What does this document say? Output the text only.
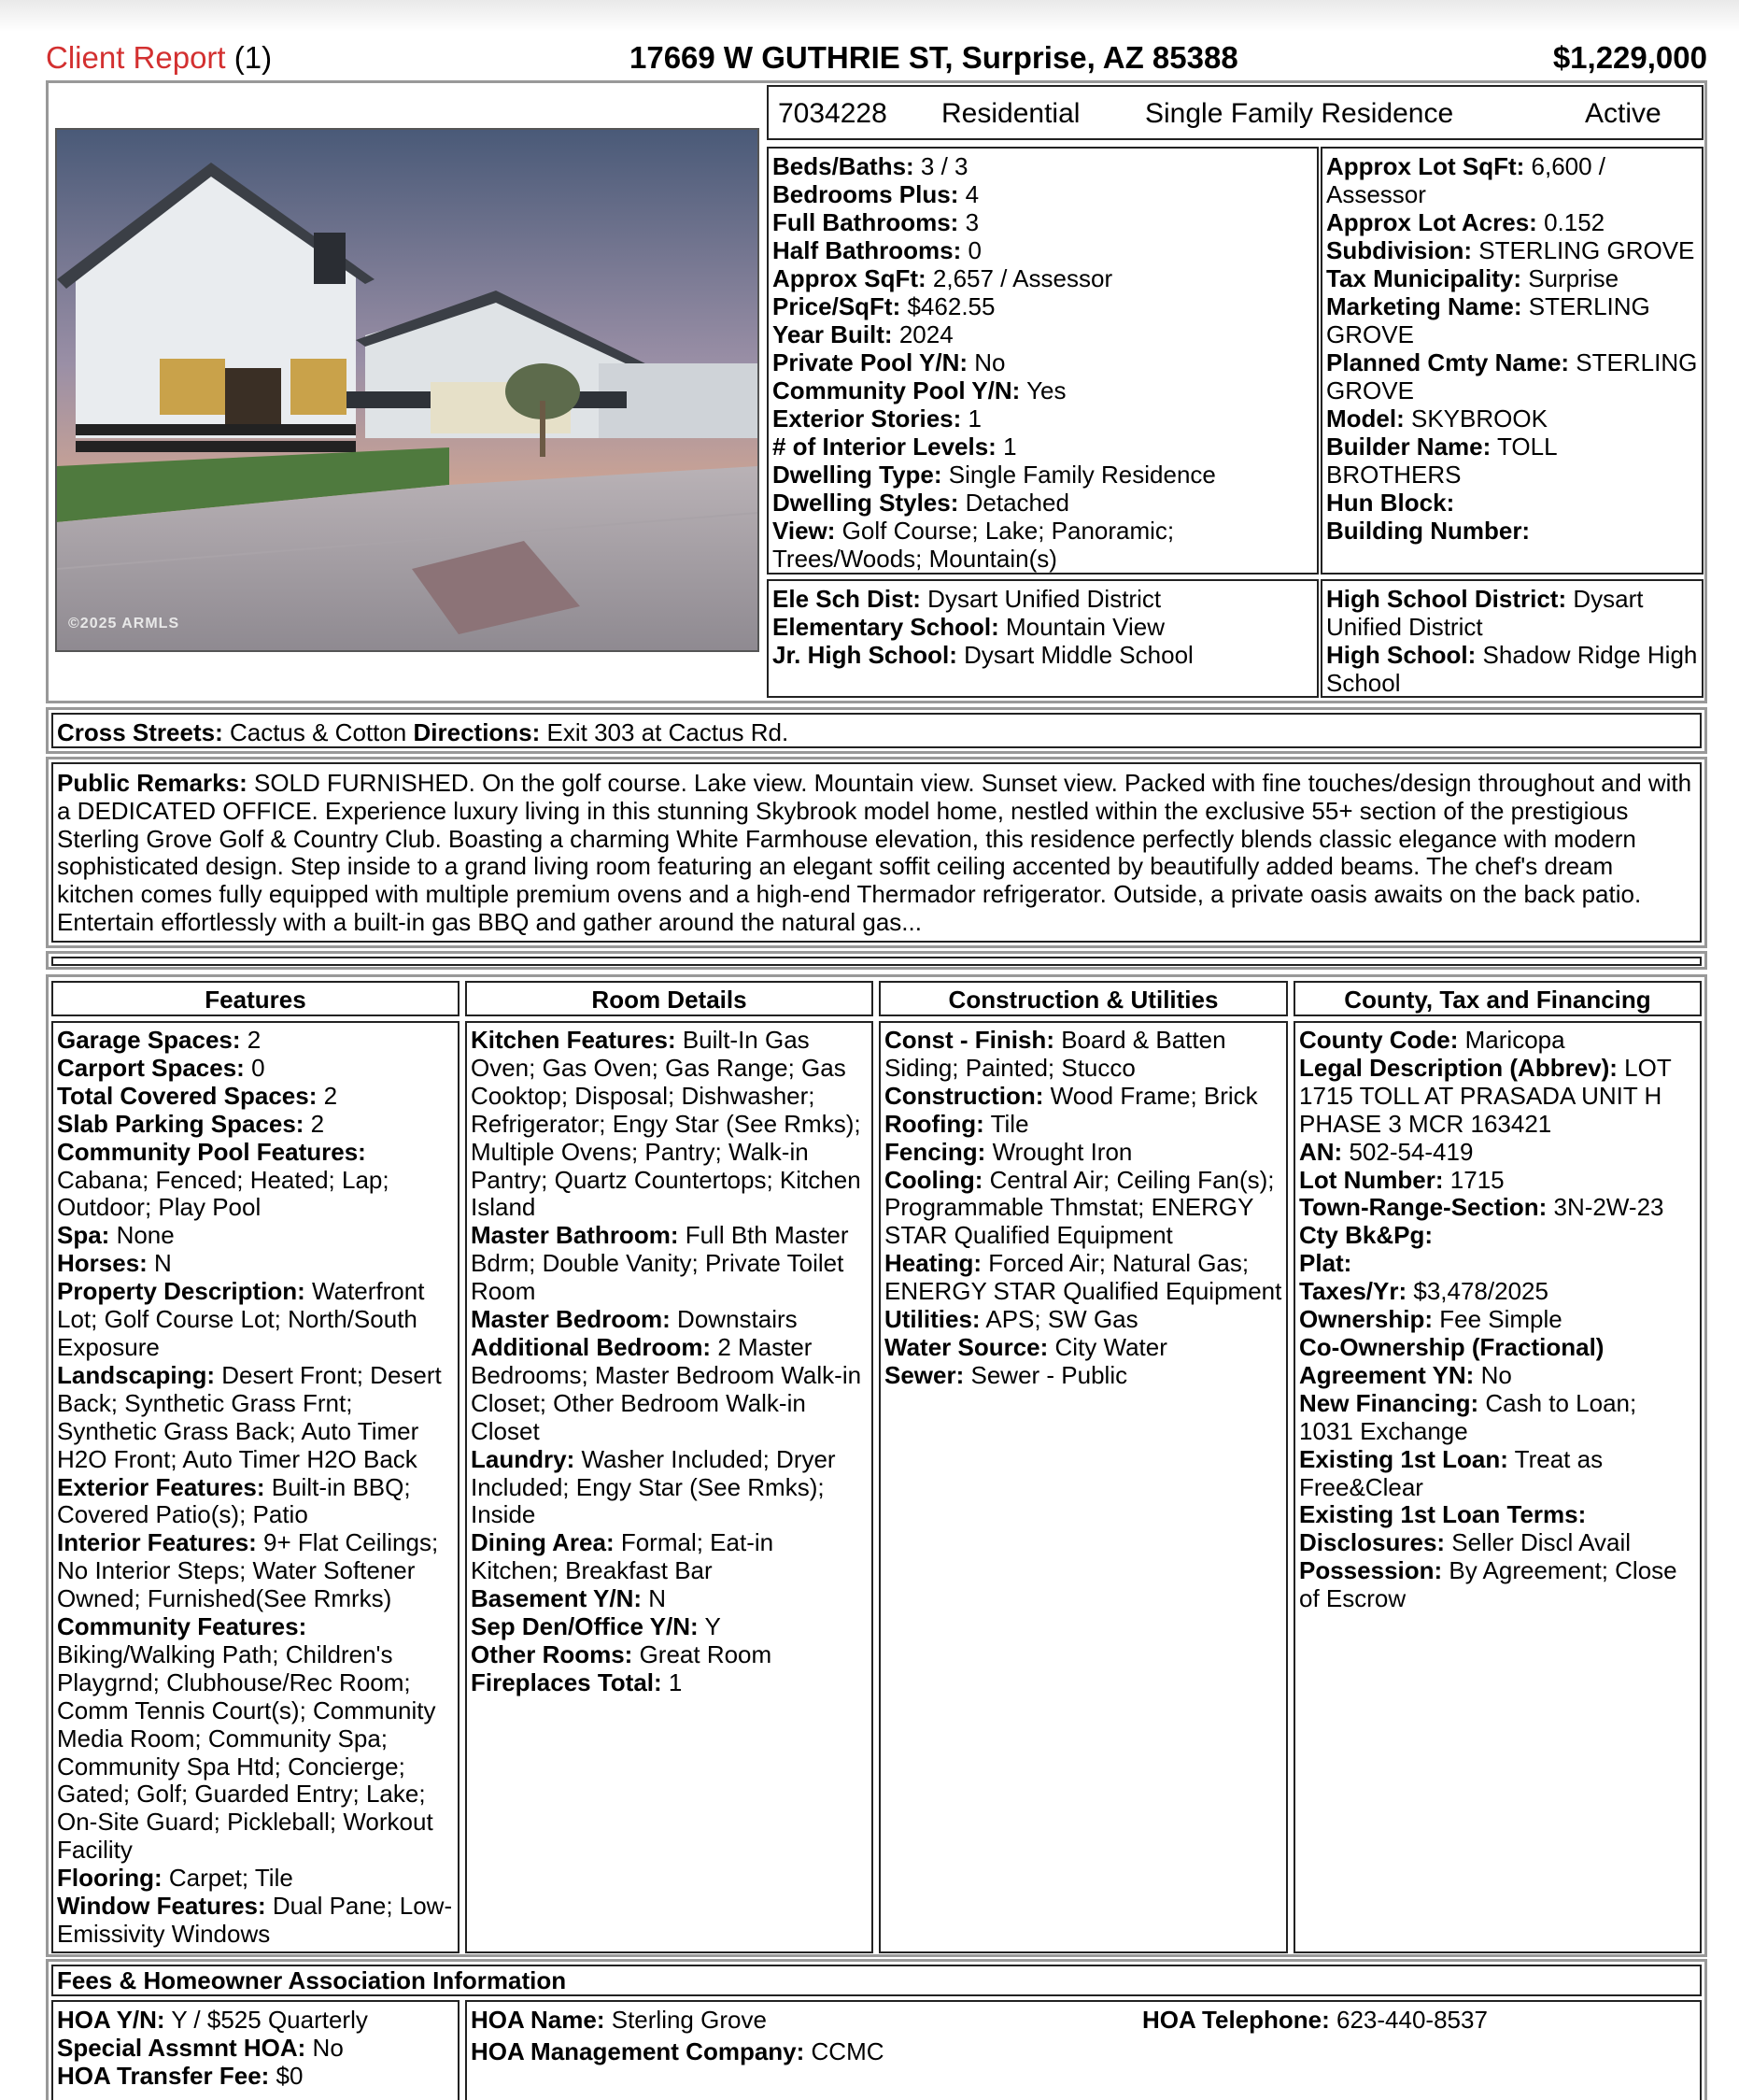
Client Report (1)	17669 W GUTHRIE ST, Surprise, AZ 85388	$1,229,000
©2025 ARMLS
7034228 Residential Single Family Residence	Active
Beds/Baths: 3 / 3
Bedrooms Plus: 4
Full Bathrooms: 3
Half Bathrooms: 0
Approx SqFt: 2,657 / Assessor
Price/SqFt: $462.55
Year Built: 2024
Private Pool Y/N: No
Community Pool Y/N: Yes
Exterior Stories: 1
# of Interior Levels: 1
Dwelling Type: Single Family Residence
Dwelling Styles: Detached
View: Golf Course; Lake; Panoramic; Trees/Woods; Mountain(s)
Approx Lot SqFt: 6,600 / Assessor
Approx Lot Acres: 0.152
Subdivision: STERLING GROVE
Tax Municipality: Surprise
Marketing Name: STERLING GROVE
Planned Cmty Name: STERLING GROVE
Model: SKYBROOK
Builder Name: TOLL BROTHERS
Hun Block:
Building Number:
Ele Sch Dist: Dysart Unified District
Elementary School: Mountain View
Jr. High School: Dysart Middle School
High School District: Dysart Unified District
High School: Shadow Ridge High School
Cross Streets: Cactus & Cotton Directions: Exit 303 at Cactus Rd.
Public Remarks: SOLD FURNISHED. On the golf course. Lake view. Mountain view. Sunset view. Packed with fine touches/design throughout and with a DEDICATED OFFICE. Experience luxury living in this stunning Skybrook model home, nestled within the exclusive 55+ section of the prestigious Sterling Grove Golf & Country Club. Boasting a charming White Farmhouse elevation, this residence perfectly blends classic elegance with modern sophisticated design. Step inside to a grand living room featuring an elegant soffit ceiling accented by beautifully added beams. The chef's dream kitchen comes fully equipped with multiple premium ovens and a high-end Thermador refrigerator. Outside, a private oasis awaits on the back patio. Entertain effortlessly with a built-in gas BBQ and gather around the natural gas...
Features
Garage Spaces: 2
Carport Spaces: 0
Total Covered Spaces: 2
Slab Parking Spaces: 2
Community Pool Features: Cabana; Fenced; Heated; Lap; Outdoor; Play Pool
Spa: None
Horses: N
Property Description: Waterfront Lot; Golf Course Lot; North/South Exposure
Landscaping: Desert Front; Desert Back; Synthetic Grass Frnt; Synthetic Grass Back; Auto Timer H2O Front; Auto Timer H2O Back
Exterior Features: Built-in BBQ; Covered Patio(s); Patio
Interior Features: 9+ Flat Ceilings; No Interior Steps; Water Softener Owned; Furnished(See Rmrks)
Community Features: Biking/Walking Path; Children's Playgrnd; Clubhouse/Rec Room; Comm Tennis Court(s); Community Media Room; Community Spa; Community Spa Htd; Concierge; Gated; Golf; Guarded Entry; Lake; On-Site Guard; Pickleball; Workout Facility
Flooring: Carpet; Tile
Window Features: Dual Pane; Low-Emissivity Windows
Room Details
Kitchen Features: Built-In Gas Oven; Gas Oven; Gas Range; Gas Cooktop; Disposal; Dishwasher; Refrigerator; Engy Star (See Rmks); Multiple Ovens; Pantry; Walk-in Pantry; Quartz Countertops; Kitchen Island
Master Bathroom: Full Bth Master Bdrm; Double Vanity; Private Toilet Room
Master Bedroom: Downstairs
Additional Bedroom: 2 Master Bedrooms; Master Bedroom Walk-in Closet; Other Bedroom Walk-in Closet
Laundry: Washer Included; Dryer Included; Engy Star (See Rmks); Inside
Dining Area: Formal; Eat-in Kitchen; Breakfast Bar
Basement Y/N: N
Sep Den/Office Y/N: Y
Other Rooms: Great Room
Fireplaces Total: 1
Construction & Utilities
Const - Finish: Board & Batten Siding; Painted; Stucco
Construction: Wood Frame; Brick
Roofing: Tile
Fencing: Wrought Iron
Cooling: Central Air; Ceiling Fan(s); Programmable Thmstat; ENERGY STAR Qualified Equipment
Heating: Forced Air; Natural Gas; ENERGY STAR Qualified Equipment
Utilities: APS; SW Gas
Water Source: City Water
Sewer: Sewer - Public
County, Tax and Financing
County Code: Maricopa
Legal Description (Abbrev): LOT 1715 TOLL AT PRASADA UNIT H PHASE 3 MCR 163421
AN: 502-54-419
Lot Number: 1715
Town-Range-Section: 3N-2W-23
Cty Bk&Pg:
Plat:
Taxes/Yr: $3,478/2025
Ownership: Fee Simple
Co-Ownership (Fractional) Agreement YN: No
New Financing: Cash to Loan; 1031 Exchange
Existing 1st Loan: Treat as Free&Clear
Existing 1st Loan Terms:
Disclosures: Seller Discl Avail
Possession: By Agreement; Close of Escrow
Fees & Homeowner Association Information
HOA Y/N: Y / $525 Quarterly
Special Assmnt HOA: No
HOA Transfer Fee: $0
HOA Name: Sterling Grove
HOA Management Company: CCMC
HOA Telephone: 623-440-8537
